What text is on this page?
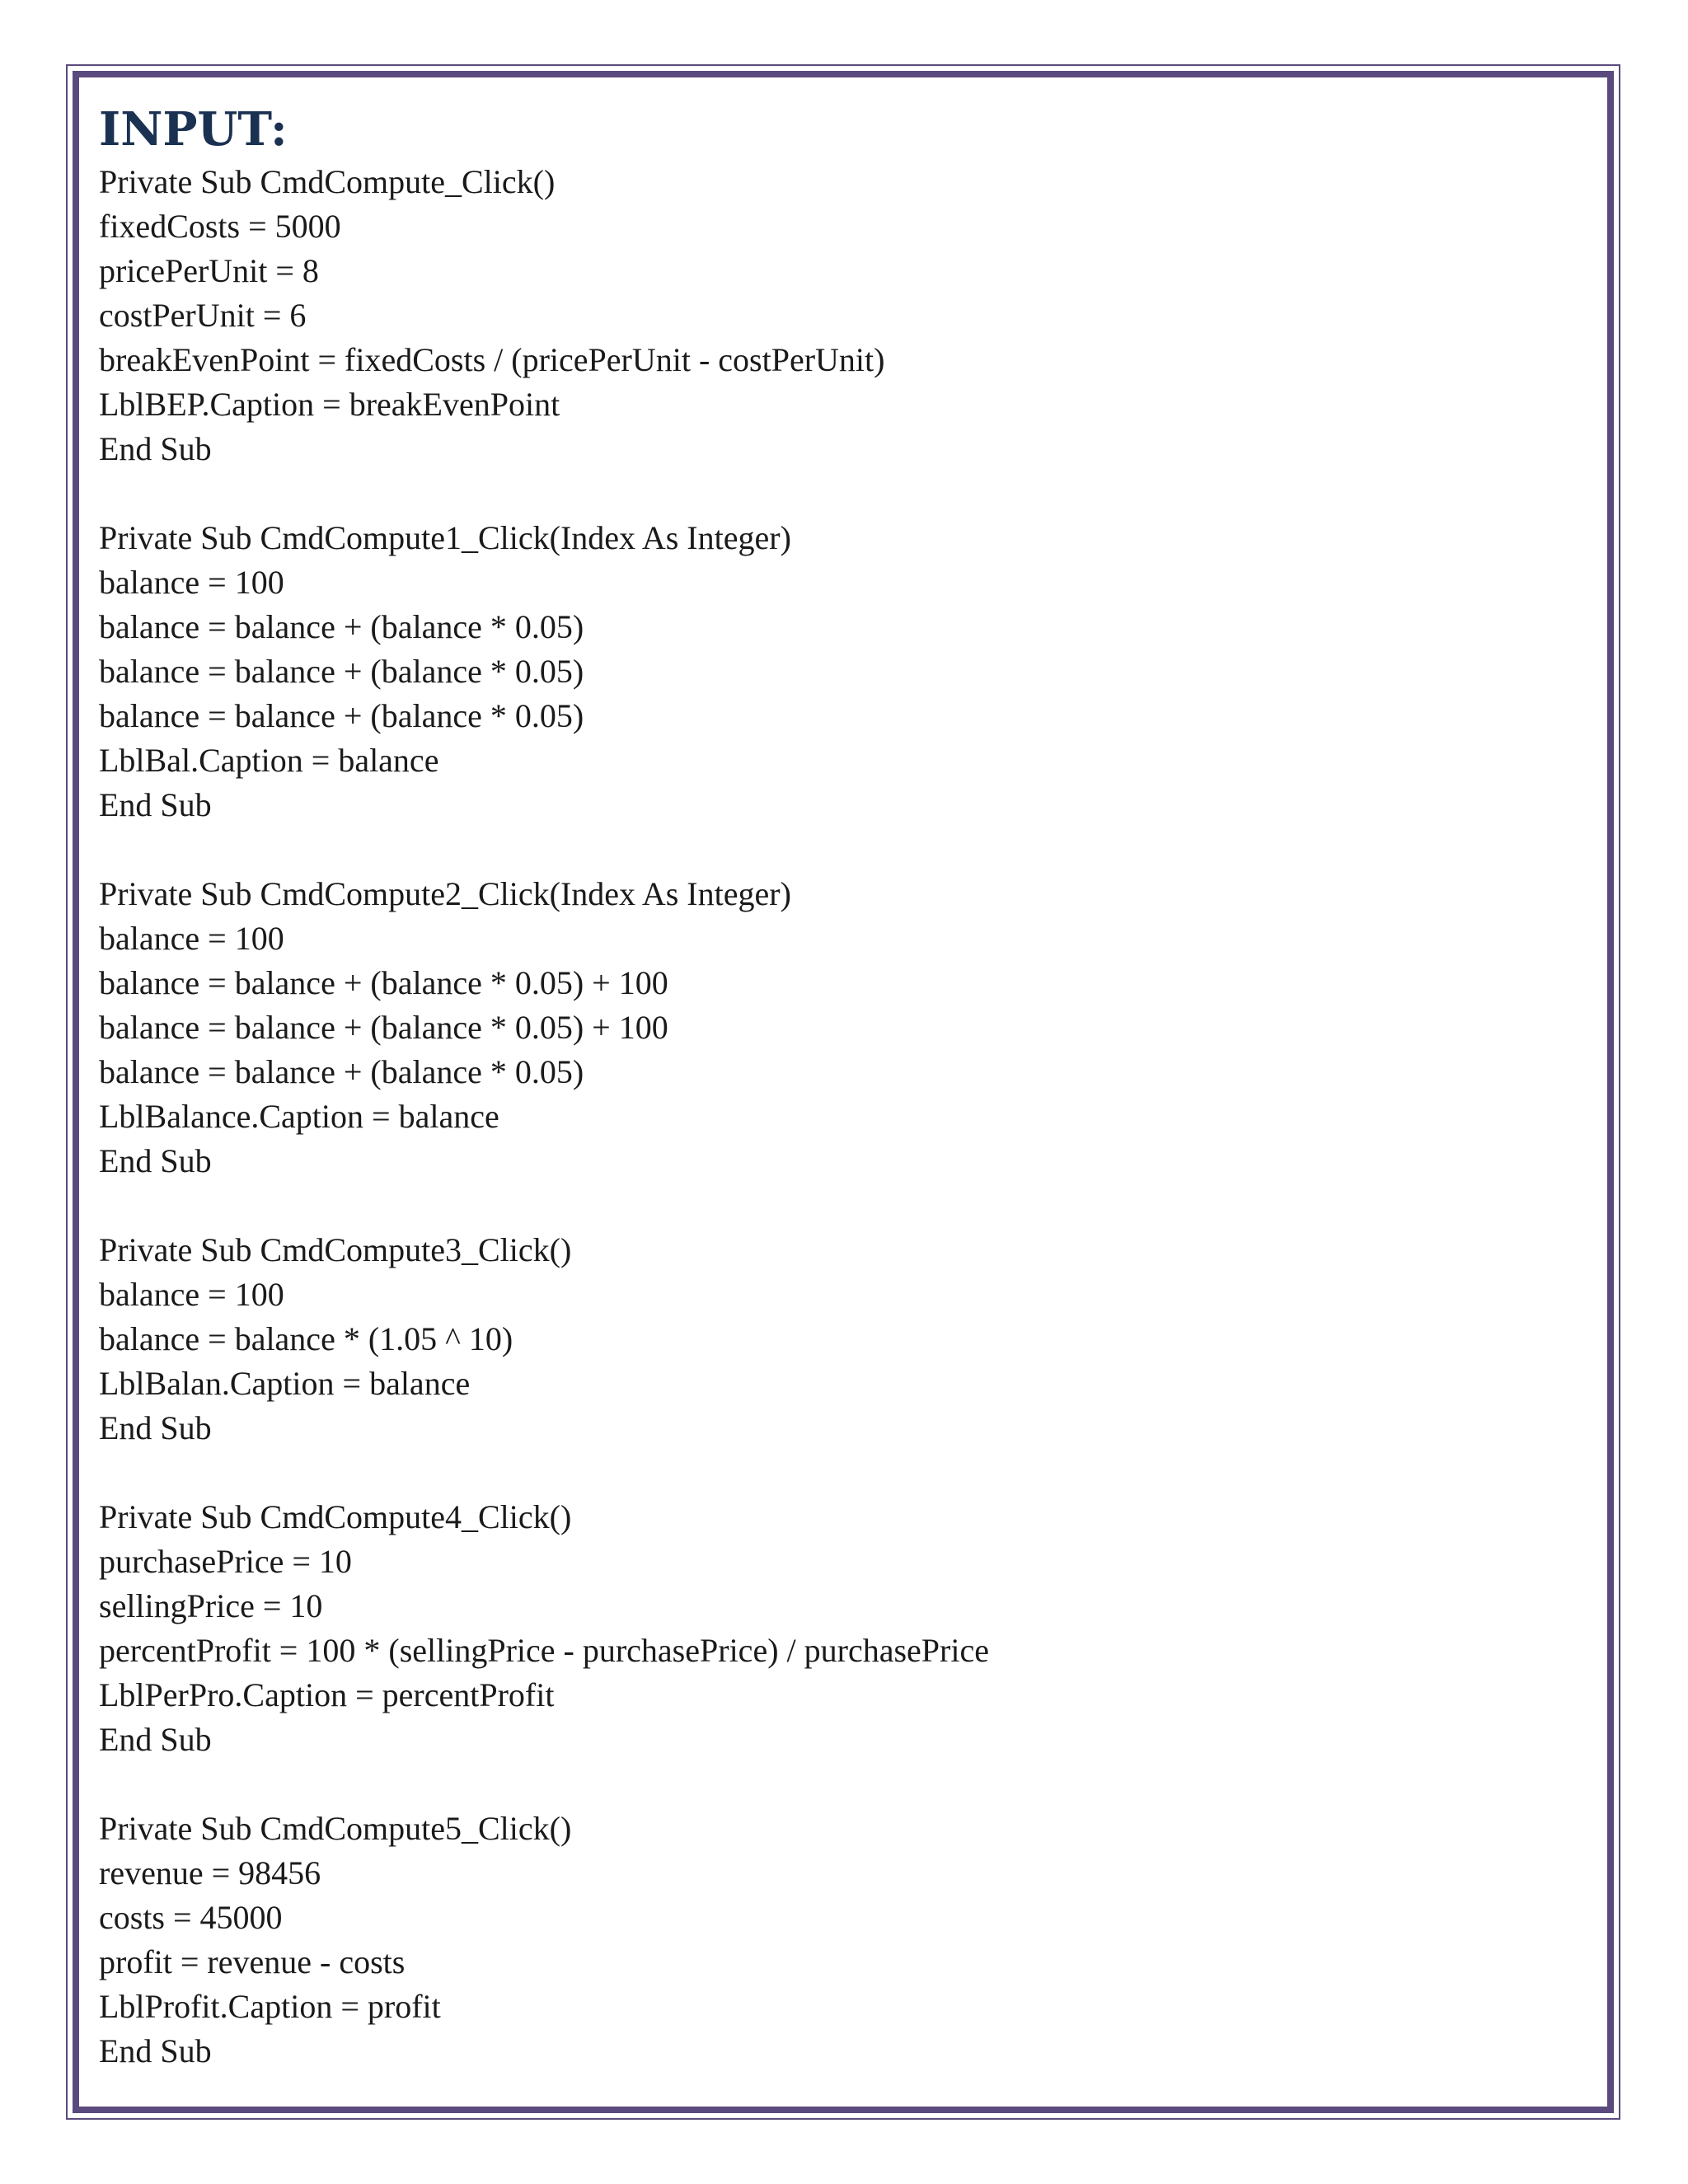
INPUT:
Private Sub CmdCompute_Click()
fixedCosts = 5000
pricePerUnit = 8
costPerUnit = 6
breakEvenPoint = fixedCosts / (pricePerUnit - costPerUnit)
LblBEP.Caption = breakEvenPoint
End Sub
Private Sub CmdCompute1_Click(Index As Integer)
balance = 100
balance = balance + (balance * 0.05)
balance = balance + (balance * 0.05)
balance = balance + (balance * 0.05)
LblBal.Caption = balance
End Sub
Private Sub CmdCompute2_Click(Index As Integer)
balance = 100
balance = balance + (balance * 0.05) + 100
balance = balance + (balance * 0.05) + 100
balance = balance + (balance * 0.05)
LblBalance.Caption = balance
End Sub
Private Sub CmdCompute3_Click()
balance = 100
balance = balance * (1.05 ^ 10)
LblBalan.Caption = balance
End Sub
Private Sub CmdCompute4_Click()
purchasePrice = 10
sellingPrice = 10
percentProfit = 100 * (sellingPrice - purchasePrice) / purchasePrice
LblPerPro.Caption = percentProfit
End Sub
Private Sub CmdCompute5_Click()
revenue = 98456
costs = 45000
profit = revenue - costs
LblProfit.Caption = profit
End Sub
